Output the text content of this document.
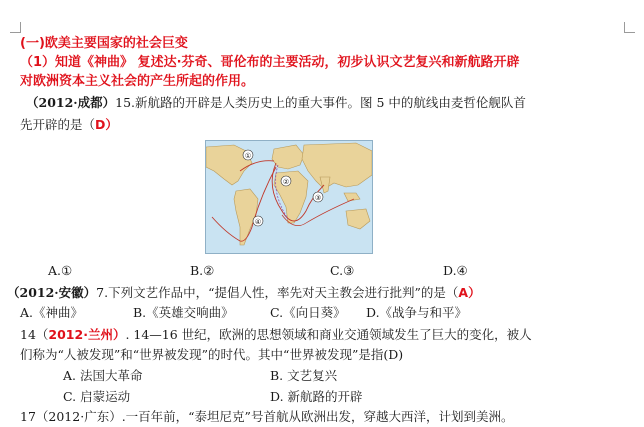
(一)欧美主要国家的社会巨变
（1）知道《神曲》 复述达·芬奇、哥伦布的主要活动，初步认识文艺复兴和新航路开辟
对欧洲资本主义社会的产生所起的作用。
（2012·成都）15.新航路的开辟是人类历史上的重大事件。图 5 中的航线由麦哲伦舰队首
先开辟的是（D）
①
②
③
④
A.①	B.②	C.③	D.④
（2012·安徽）7.下列文艺作品中，“提倡人性，率先对天主教会进行批判”的是（A）
A.《神曲》	B.《英雄交响曲》	C.《向日葵》 D.《战争与和平》
14（2012·兰州）. 14—16 世纪，欧洲的思想领域和商业交通领域发生了巨大的变化，被人
们称为“人被发现”和“世界被发现”的时代。其中“世界被发现”是指(D)
A. 法国大革命	B. 文艺复兴
C. 启蒙运动	D. 新航路的开辟
17（2012·广东）.一百年前，“泰坦尼克”号首航从欧洲出发，穿越大西洋，计划到美洲。
